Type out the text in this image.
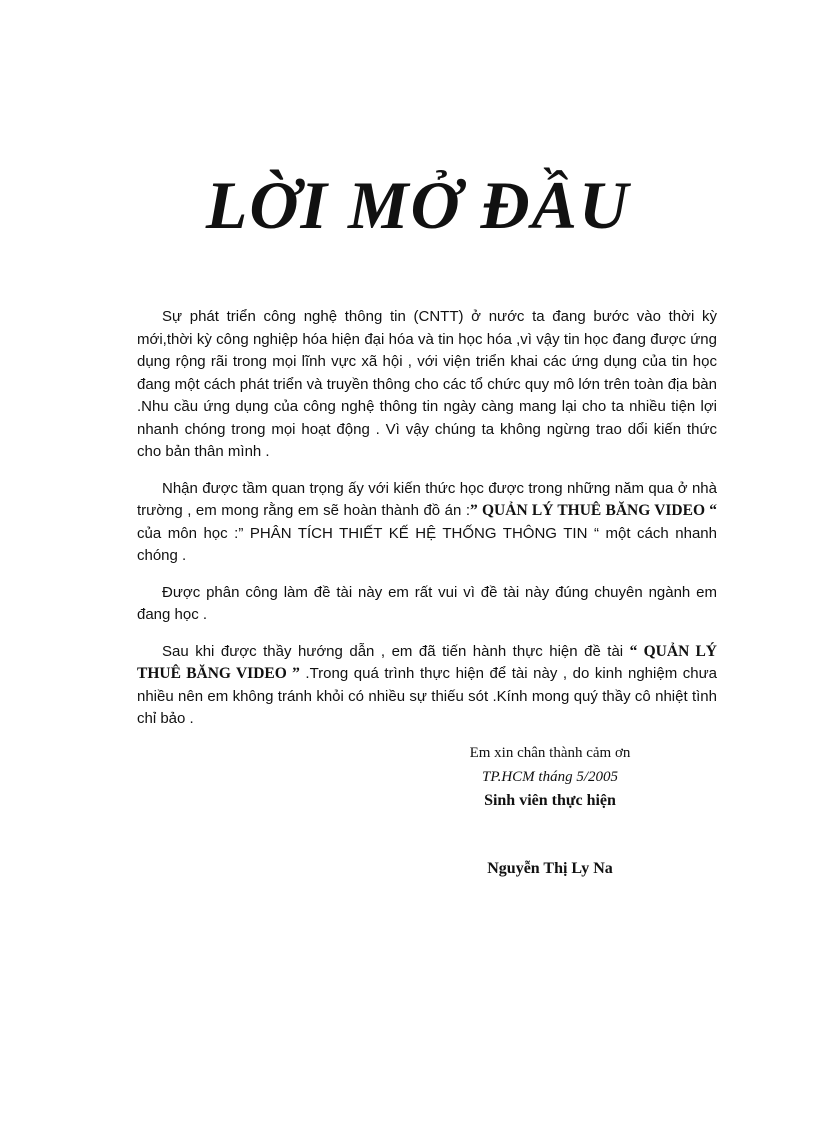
LỜI MỞ ĐẦU

Sự phát triển công nghệ thông tin (CNTT) ở nước ta đang bước vào thời kỳ mới,thời kỳ công nghiệp hóa hiện đại hóa và tin học hóa ,vì vậy tin học đang được ứng dụng rộng rãi trong mọi lĩnh vực xã hội , với viện triển khai các ứng dụng của tin học đang một cách phát triển và truyền thông cho các tổ chức quy mô lớn trên toàn địa bàn .Nhu cầu ứng dụng của công nghệ thông tin ngày càng mang lại cho ta nhiều tiện lợi nhanh chóng trong mọi hoạt động . Vì vậy chúng ta không ngừng trao dổi kiến thức cho bản thân mình .

Nhận được tầm quan trọng ấy với kiến thức học được trong những năm qua ở nhà trường , em mong rằng em sẽ hoàn thành đồ án :” QUẢN LÝ THUÊ BĂNG VIDEO “ của môn học :” PHÂN TÍCH THIẾT KẾ HỆ THỐNG THÔNG TIN “ một cách nhanh chóng .

Được phân công làm đề tài này em rất vui vì đề tài này đúng chuyên ngành em đang học .

Sau khi được thầy hướng dẫn , em đã tiến hành thực hiện đề tài “ QUẢN LÝ THUÊ BĂNG VIDEO ” .Trong quá trình thực hiện để tài này , do kinh nghiệm chưa nhiều nên em không tránh khỏi có nhiều sự thiếu sót .Kính mong quý thầy cô nhiệt tình chỉ bảo .

Em xin chân thành cảm ơn
TP.HCM tháng 5/2005
Sinh viên thực hiện
Nguyễn Thị Ly Na
